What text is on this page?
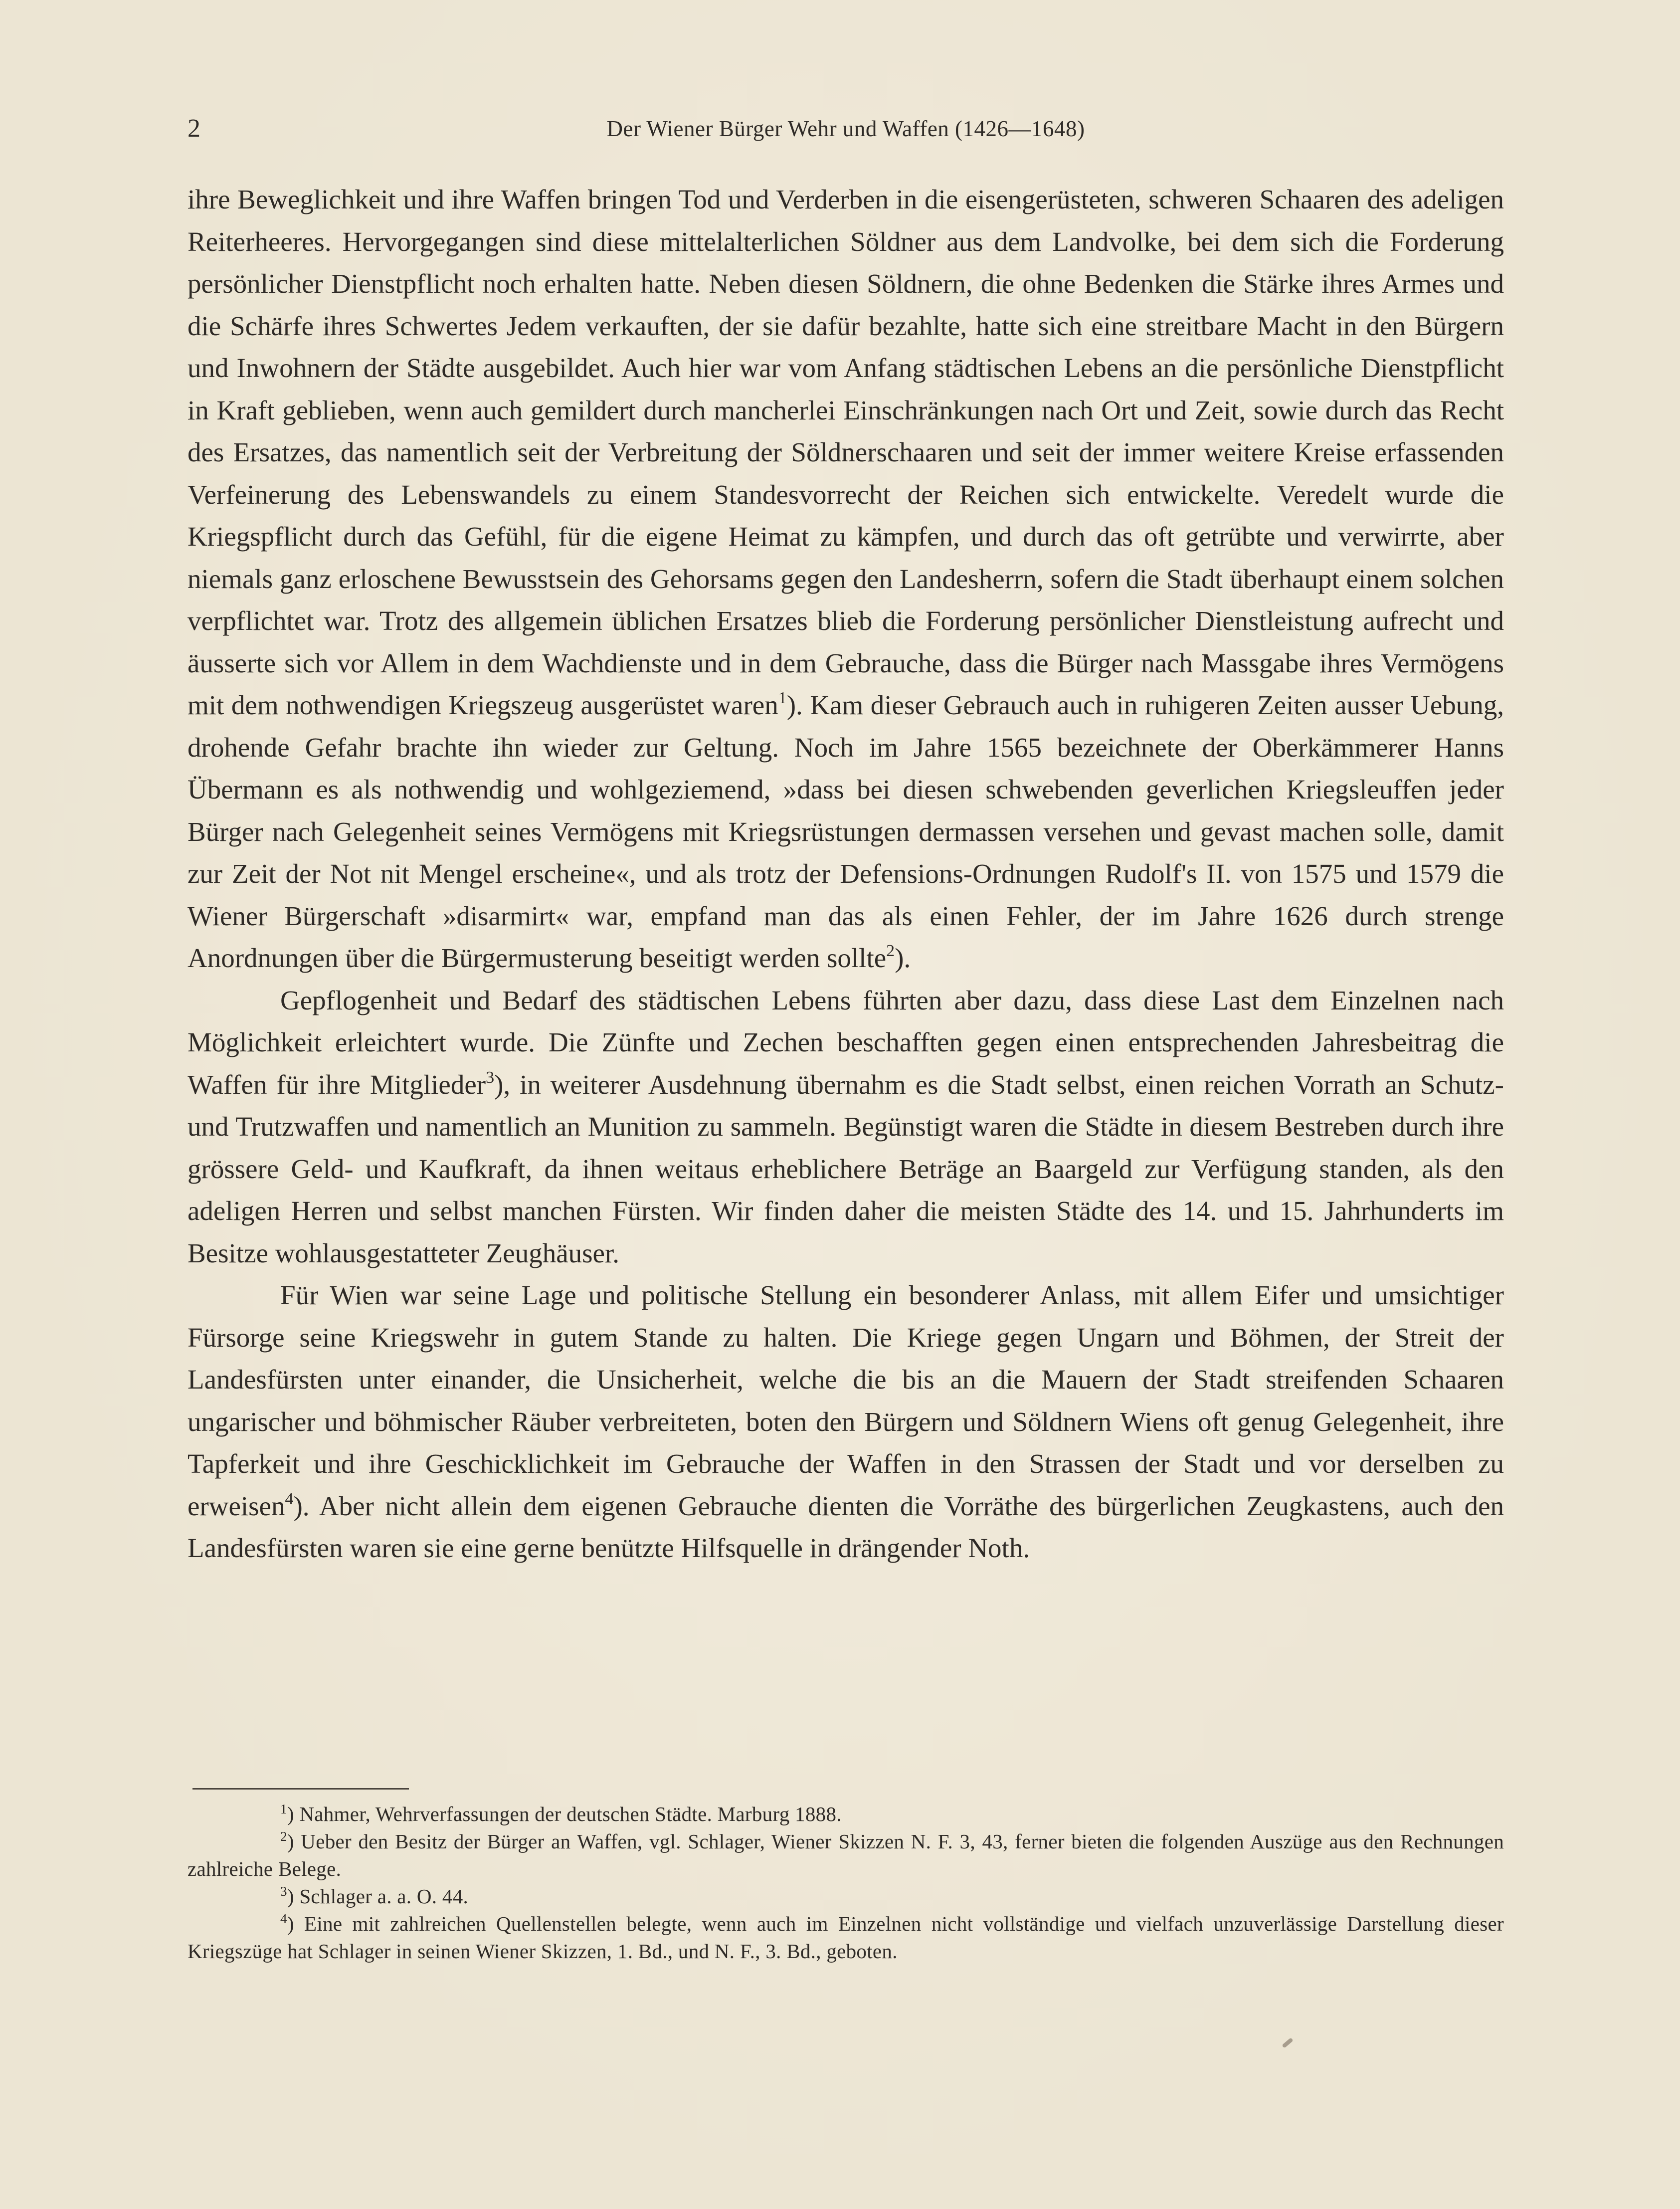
2	Der Wiener Bürger Wehr und Waffen (1426—1648)

ihre Beweglichkeit und ihre Waffen bringen Tod und Verderben in die eisengerüsteten, schweren Schaaren des adeligen Reiterheeres. Hervorgegangen sind diese mittelalterlichen Söldner aus dem Landvolke, bei dem sich die Forderung persönlicher Dienstpflicht noch erhalten hatte. Neben diesen Söldnern, die ohne Bedenken die Stärke ihres Armes und die Schärfe ihres Schwertes Jedem verkauften, der sie dafür bezahlte, hatte sich eine streitbare Macht in den Bürgern und Inwohnern der Städte ausgebildet. Auch hier war vom Anfang städtischen Lebens an die persönliche Dienstpflicht in Kraft geblieben, wenn auch gemildert durch mancherlei Einschränkungen nach Ort und Zeit, sowie durch das Recht des Ersatzes, das namentlich seit der Verbreitung der Söldnerschaaren und seit der immer weitere Kreise erfassenden Verfeinerung des Lebenswandels zu einem Standesvorrecht der Reichen sich entwickelte. Veredelt wurde die Kriegspflicht durch das Gefühl, für die eigene Heimat zu kämpfen, und durch das oft getrübte und verwirrte, aber niemals ganz erloschene Bewusstsein des Gehorsams gegen den Landesherrn, sofern die Stadt überhaupt einem solchen verpflichtet war. Trotz des allgemein üblichen Ersatzes blieb die Forderung persönlicher Dienstleistung aufrecht und äusserte sich vor Allem in dem Wachdienste und in dem Gebrauche, dass die Bürger nach Massgabe ihres Vermögens mit dem nothwendigen Kriegszeug ausgerüstet waren$^1$). Kam dieser Gebrauch auch in ruhigeren Zeiten ausser Uebung, drohende Gefahr brachte ihn wieder zur Geltung. Noch im Jahre 1565 bezeichnete der Oberkämmerer Hanns Übermann es als nothwendig und wohlgeziemend, »dass bei diesen schwebenden geverlichen Kriegsleuffen jeder Bürger nach Gelegenheit seines Vermögens mit Kriegsrüstungen dermassen versehen und gevast machen solle, damit zur Zeit der Not nit Mengel erscheine«, und als trotz der Defensions-Ordnungen Rudolf's II. von 1575 und 1579 die Wiener Bürgerschaft »disarmirt« war, empfand man das als einen Fehler, der im Jahre 1626 durch strenge Anordnungen über die Bürgermusterung beseitigt werden sollte$^2$).

Gepflogenheit und Bedarf des städtischen Lebens führten aber dazu, dass diese Last dem Einzelnen nach Möglichkeit erleichtert wurde. Die Zünfte und Zechen beschafften gegen einen entsprechenden Jahresbeitrag die Waffen für ihre Mitglieder$^3$), in weiterer Ausdehnung übernahm es die Stadt selbst, einen reichen Vorrath an Schutz- und Trutzwaffen und namentlich an Munition zu sammeln. Begünstigt waren die Städte in diesem Bestreben durch ihre grössere Geld- und Kaufkraft, da ihnen weitaus erheblichere Beträge an Baargeld zur Verfügung standen, als den adeligen Herren und selbst manchen Fürsten. Wir finden daher die meisten Städte des 14. und 15. Jahrhunderts im Besitze wohlausgestatteter Zeughäuser.

Für Wien war seine Lage und politische Stellung ein besonderer Anlass, mit allem Eifer und umsichtiger Fürsorge seine Kriegswehr in gutem Stande zu halten. Die Kriege gegen Ungarn und Böhmen, der Streit der Landesfürsten unter einander, die Unsicherheit, welche die bis an die Mauern der Stadt streifenden Schaaren ungarischer und böhmischer Räuber verbreiteten, boten den Bürgern und Söldnern Wiens oft genug Gelegenheit, ihre Tapferkeit und ihre Geschicklichkeit im Gebrauche der Waffen in den Strassen der Stadt und vor derselben zu erweisen$^4$). Aber nicht allein dem eigenen Gebrauche dienten die Vorräthe des bürgerlichen Zeugkastens, auch den Landesfürsten waren sie eine gerne benützte Hilfsquelle in drängender Noth.

$^1$) Nahmer, Wehrverfassungen der deutschen Städte. Marburg 1888.

$^2$) Ueber den Besitz der Bürger an Waffen, vgl. Schlager, Wiener Skizzen N. F. 3, 43, ferner bieten die folgenden Auszüge aus den Rechnungen zahlreiche Belege.

$^3$) Schlager a. a. O. 44.

$^4$) Eine mit zahlreichen Quellenstellen belegte, wenn auch im Einzelnen nicht vollständige und vielfach unzuverlässige Darstellung dieser Kriegszüge hat Schlager in seinen Wiener Skizzen, 1. Bd., und N. F., 3. Bd., geboten.
